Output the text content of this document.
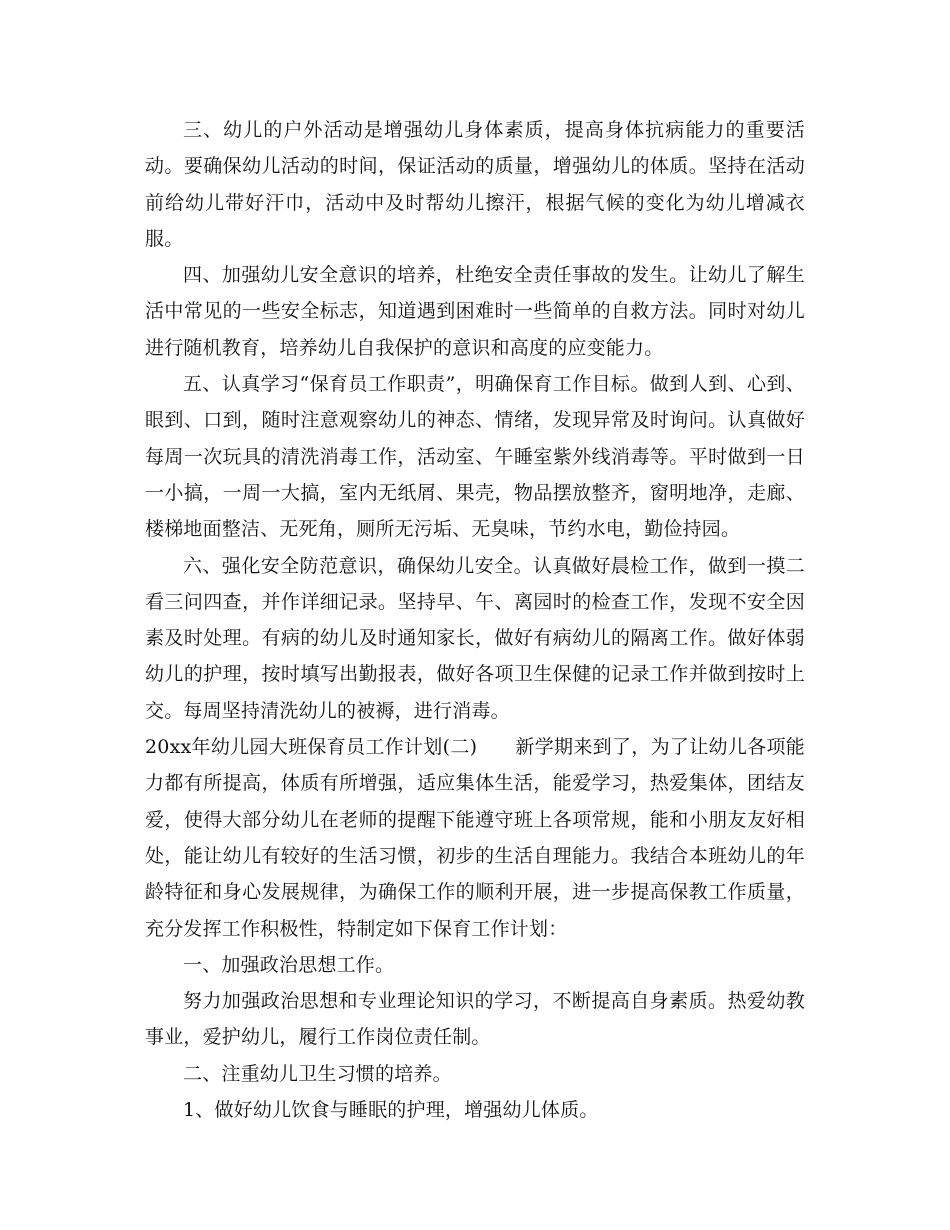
三、幼儿的户外活动是增强幼儿身体素质，提高身体抗病能力的重要活动。要确保幼儿活动的时间，保证活动的质量，增强幼儿的体质。坚持在活动前给幼儿带好汗巾，活动中及时帮幼儿擦汗，根据气候的变化为幼儿增减衣服。

四、加强幼儿安全意识的培养，杜绝安全责任事故的发生。让幼儿了解生活中常见的一些安全标志，知道遇到困难时一些简单的自救方法。同时对幼儿进行随机教育，培养幼儿自我保护的意识和高度的应变能力。

五、认真学习“保育员工作职责”，明确保育工作目标。做到人到、心到、眼到、口到，随时注意观察幼儿的神态、情绪，发现异常及时询问。认真做好每周一次玩具的清洗消毒工作，活动室、午睡室紫外线消毒等。平时做到一日一小搞，一周一大搞，室内无纸屑、果壳，物品摆放整齐，窗明地净，走廊、楼梯地面整洁、无死角，厕所无污垢、无臭味，节约水电，勤俭持园。

六、强化安全防范意识，确保幼儿安全。认真做好晨检工作，做到一摸二看三问四查，并作详细记录。坚持早、午、离园时的检查工作，发现不安全因素及时处理。有病的幼儿及时通知家长，做好有病幼儿的隔离工作。做好体弱幼儿的护理，按时填写出勤报表，做好各项卫生保健的记录工作并做到按时上交。每周坚持清洗幼儿的被褥，进行消毒。

20xx年幼儿园大班保育员工作计划(二) 新学期来到了，为了让幼儿各项能力都有所提高，体质有所增强，适应集体生活，能爱学习，热爱集体，团结友爱，使得大部分幼儿在老师的提醒下能遵守班上各项常规，能和小朋友友好相处，能让幼儿有较好的生活习惯，初步的生活自理能力。我结合本班幼儿的年龄特征和身心发展规律，为确保工作的顺利开展，进一步提高保教工作质量，充分发挥工作积极性，特制定如下保育工作计划：

一、加强政治思想工作。

努力加强政治思想和专业理论知识的学习，不断提高自身素质。热爱幼教事业，爱护幼儿，履行工作岗位责任制。

二、注重幼儿卫生习惯的培养。

1、做好幼儿饮食与睡眠的护理，增强幼儿体质。
